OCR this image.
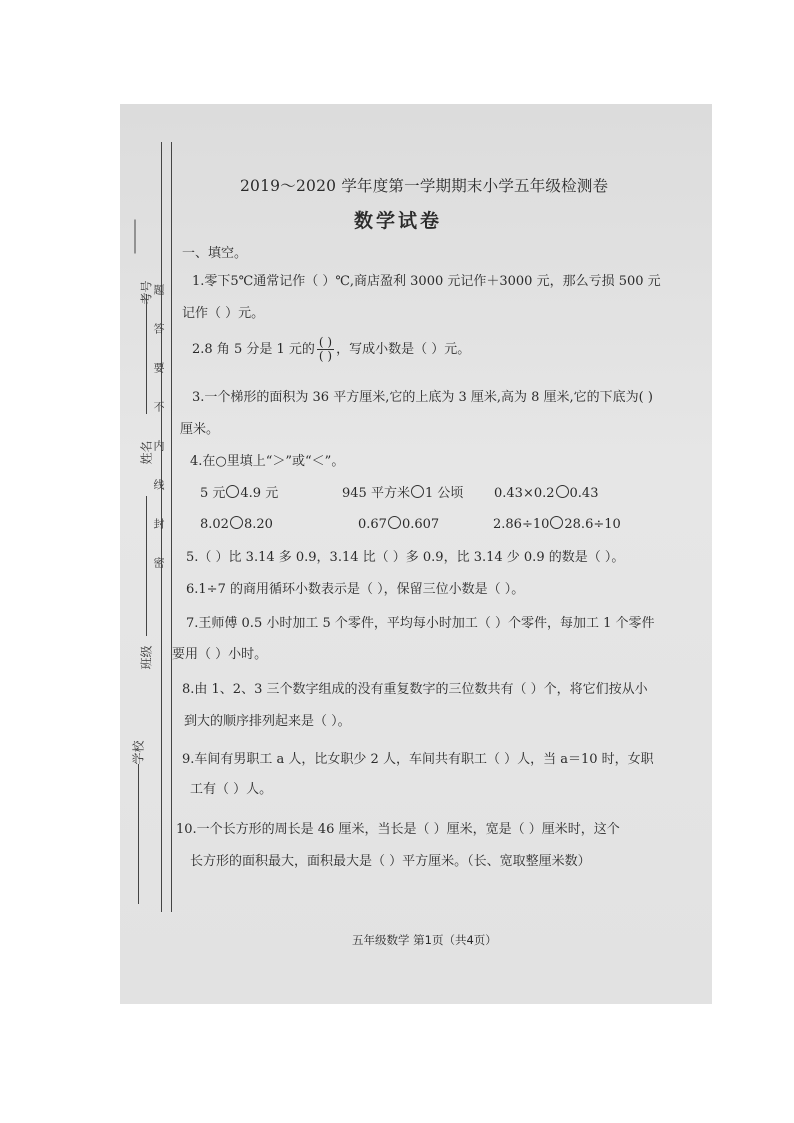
题答要不内线封密
考号
姓名
班级
学校
2019～2020 学年度第一学期期末小学五年级检测卷
数学试卷
一、填空。
1.零下5℃通常记作（ ）℃,商店盈利 3000 元记作＋3000 元，那么亏损 500 元
记作（ ）元。
2.8 角 5 分是 1 元的 $\frac{( )}{( )}$ ，写成小数是（ ）元。
3.一个梯形的面积为 36 平方厘米,它的上底为 3 厘米,高为 8 厘米,它的下底为( )
厘米。
4.在○里填上“＞”或“＜”。
5 元 4.9 元	945 平方米 1 公顷 0.43×0.2 0.43
8.02 8.20	0.67 0.607	2.86÷10 28.6÷10
5.（ ）比 3.14 多 0.9，3.14 比（ ）多 0.9，比 3.14 少 0.9 的数是（ ）。
6.1÷7 的商用循环小数表示是（ ），保留三位小数是（ ）。
7.王师傅 0.5 小时加工 5 个零件，平均每小时加工（ ）个零件，每加工 1 个零件
要用（ ）小时。
8.由 1、2、3 三个数字组成的没有重复数字的三位数共有（ ）个，将它们按从小
到大的顺序排列起来是（ ）。
9.车间有男职工 a 人，比女职少 2 人，车间共有职工（ ）人，当 a＝10 时，女职
工有（ ）人。
10.一个长方形的周长是 46 厘米，当长是（ ）厘米，宽是（ ）厘米时，这个
长方形的面积最大，面积最大是（ ）平方厘米。（长、宽取整厘米数）
五年级数学 第1页（共4页）
